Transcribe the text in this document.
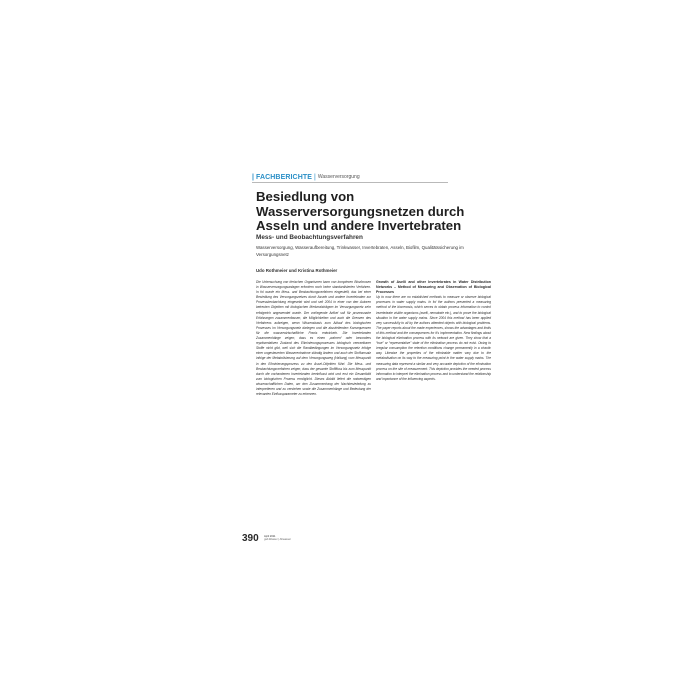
| FACHBERICHTE | Wasserversorgung
Besiedlung von Wasserversorgungsnetzen durch Asseln und andere Invertebraten
Mess- und Beobachtungsverfahren
Wasserversorgung, Wasseraufbereitung, Trinkwasser, Invertebraten, Asseln, Biofilm, Qualitätssicherung im Versorgungsnetz
Udo Rothmeier und Kristina Rothmeier
Die Untersuchung von tierischen Organismen kann von komplexen Biozönosen in Wasserversorgungsanlagen erfordern noch keine standardisierten Verfahren. In fol wurde ein Mess- und Beobachtungsverfahren eingestellt, das bei einer Besiedlung des Versorgungsnetzes durch Asseln und andere Invertebraten zur Prozessbeobachtung eingesetzt wird und seit 2004 in einer von den Autoren betreuten Objekten mit biologischen Merkmalsträgern im Versorgungsnetz sehr erfolgreich angewendet wurde. Der vorliegende Artikel soll für prozessnahe Erfahrungen zusammenfassen, die Möglichkeiten und auch die Grenzen des Verfahrens aufzeigen, wenn Wissensbasis zum Ablauf des biologischen Prozesses im Versorgungsnetz darlegen und die abzuleitenden Konsequenzen für die wasserwirtschaftliche Praxis entwickeln. Die Invertebraten Zusammenhänge zeigen, dass es einen „wahren“ oder besonders repräsentativen Zustand des Eliminierungsprozesses biologisch verwertbarer Stoffe nicht gibt, weil sich die Randbedingungen im Versorgungsnetz infolge einer ungesteuerten Wasserentnahme ständig ändern und auch der Stoffumsatz infolge der Metabolisierung auf dem Versorgungsweg (Haltung) vom Messpunkt in den Eliminierungsprozess zu den Assel-Objekten führt. Die Mess- und Beobachtungsverfahren zeigen, dass der gesamte Stofffluss bis zum Messpunkt durch die vorhandenen Invertebraten beeinflusst wird und erst ein Gesamtbild zum biologischen Prozess ermöglicht. Dieses Abbild liefert die notwendigen wissenschaftlichen Daten, um den Zusammenhang der Nachbesiedelung zu interpretieren und zu verstehen sowie die Zusammenhänge und Bedeutung der relevanten Einflussparameter zu erkennen.
Growth of Aselli and other Invertebrates in Water Distribution Networks – Method of Measuring and Observation of Biological Processes
Up to now there are no established methods to measure or observe biological processes in water supply mains. In fol the authors presented a measuring method of the biocenosis, which serves to obtain process information to control invertebrate visible organisms (aselli, nematode etc.), and to prove the biological situation in the water supply mains. Since 2004 this method has been applied very successfully to all by the authors attended objects with biological problems. The paper reports about the made experiences, shows the advantages and limits of this method and the consequences for it's implementation. New findings about the biological elimination process with its network are given. They show that a “true” or “representative” state of the elimination process do not exist. Owing to irregular consumption the retention conditions change permanently in a chaotic way. Likewise the properties of the eliminable matter vary due to the metabolisation on its way to the measuring point in the water supply mains. The measuring data represent a similar and very accurate depiction of the elimination process on the site of measurement. This depiction provides the needed process information to interpret the elimination process and to understand the relationship and importance of the influencing aspects.
390 April 2011
gwf-Wasser | Abwasser
